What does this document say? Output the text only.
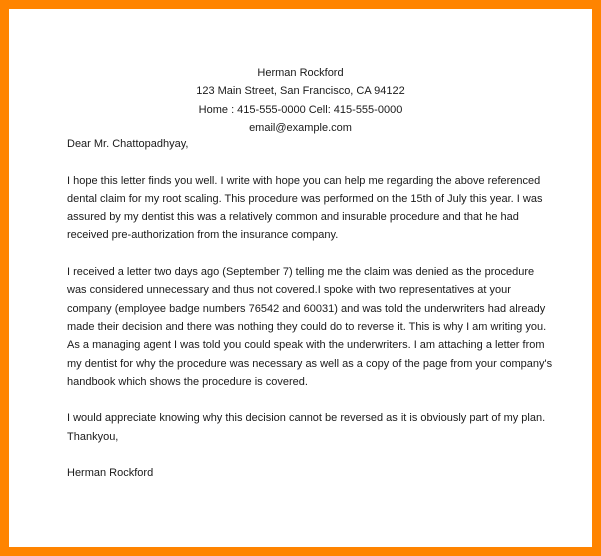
Herman Rockford
123 Main Street, San Francisco, CA 94122
Home : 415-555-0000 Cell: 415-555-0000
email@example.com

Dear Mr. Chattopadhyay,

I hope this letter finds you well. I write with hope you can help me regarding the above referenced
dental claim for my root scaling. This procedure was performed on the 15th of July this year. I was
assured by my dentist this was a relatively common and insurable procedure and that he had
received pre-authorization from the insurance company.

I received a letter two days ago (September 7) telling me the claim was denied as the procedure
was considered unnecessary and thus not covered.I spoke with two representatives at your
company (employee badge numbers 76542 and 60031) and was told the underwriters had already
made their decision and there was nothing they could do to reverse it. This is why I am writing you.
As a managing agent I was told you could speak with the underwriters. I am attaching a letter from
my dentist for why the procedure was necessary as well as a copy of the page from your company's
handbook which shows the procedure is covered.

I would appreciate knowing why this decision cannot be reversed as it is obviously part of my plan.
Thankyou,

Herman Rockford
